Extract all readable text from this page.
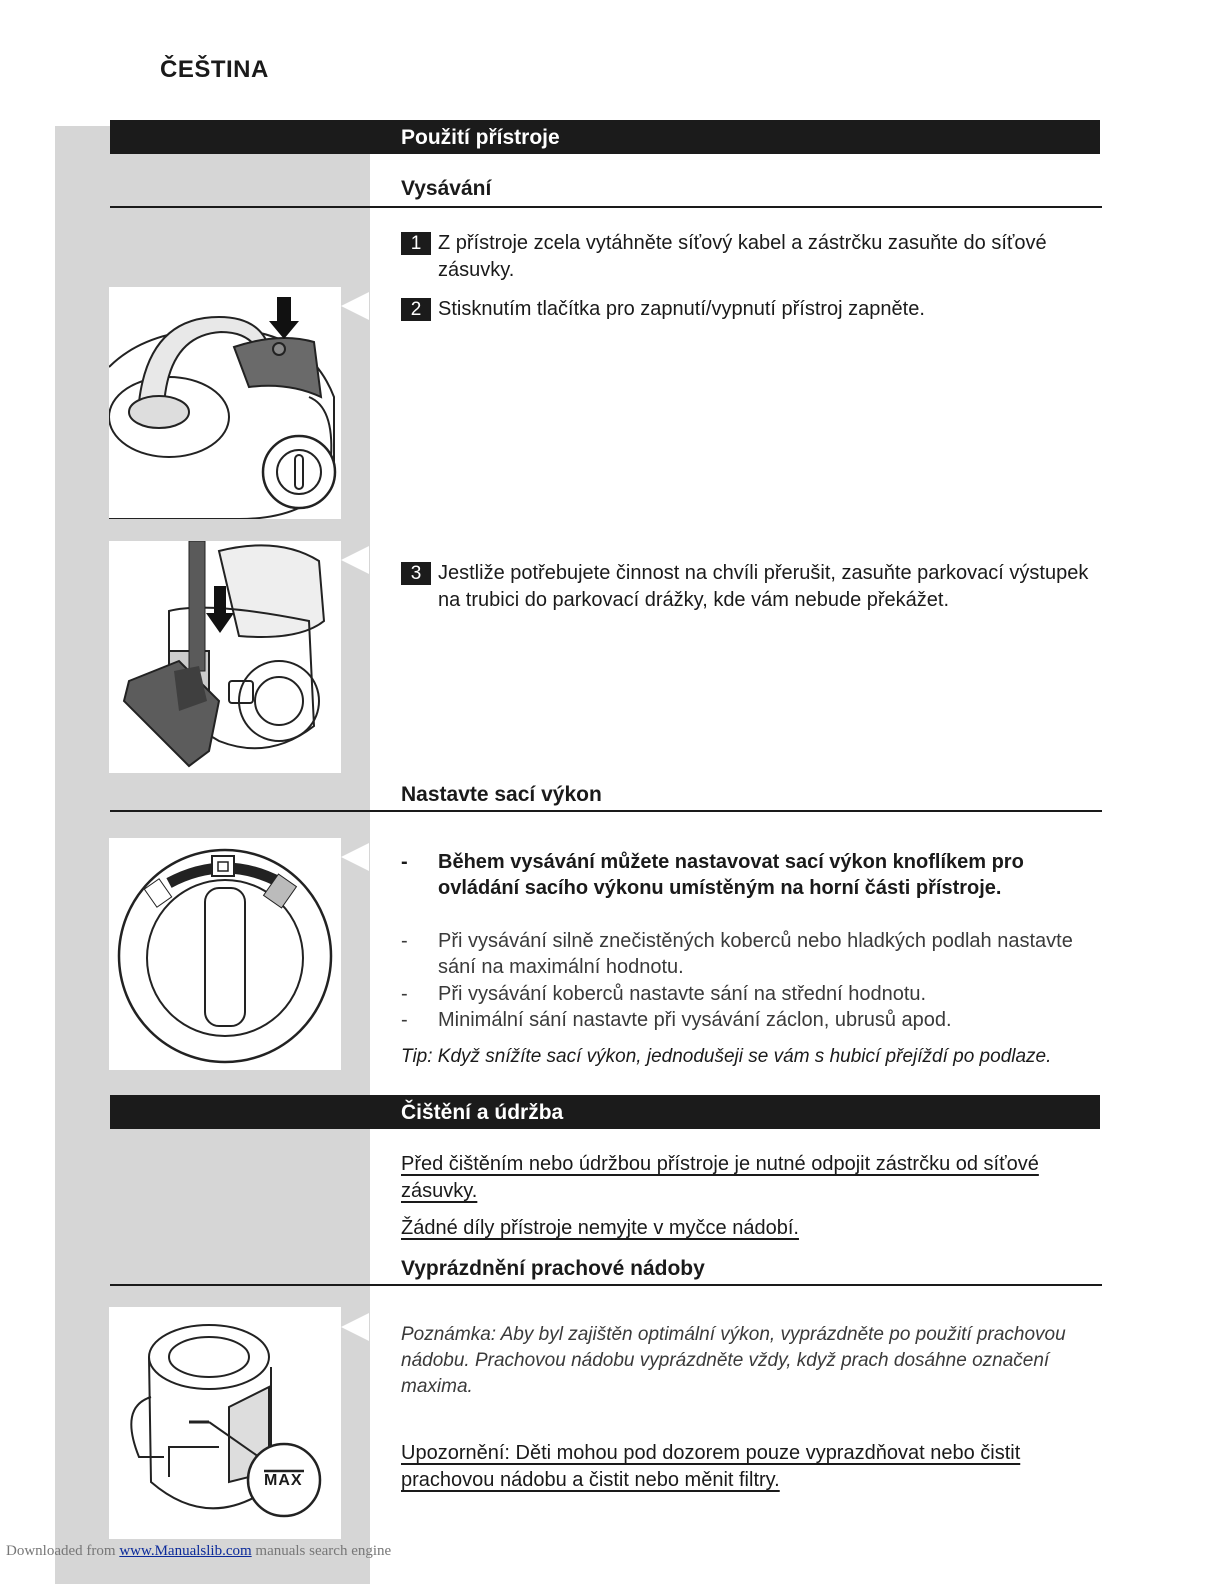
ČEŠTINA
Použití přístroje
Vysávání
1 Z přístroje zcela vytáhněte síťový kabel a zástrčku zasuňte do síťové zásuvky.
2 Stisknutím tlačítka pro zapnutí/vypnutí přístroj zapněte.
3 Jestliže potřebujete činnost na chvíli přerušit, zasuňte parkovací výstupek na trubici do parkovací drážky, kde vám nebude překážet.
Nastavte sací výkon
- Během vysávání můžete nastavovat sací výkon knoflíkem pro ovládání sacího výkonu umístěným na horní části přístroje.
- Při vysávání silně znečistěných koberců nebo hladkých podlah nastavte sání na maximální hodnotu.
- Při vysávání koberců nastavte sání na střední hodnotu.
- Minimální sání nastavte při vysávání záclon, ubrusů apod.
Tip: Když snížíte sací výkon, jednodušeji se vám s hubicí přejíždí po podlaze.
Čištění a údržba
Před čištěním nebo údržbou přístroje je nutné odpojit zástrčku od síťové zásuvky.
Žádné díly přístroje nemyjte v myčce nádobí.
Vyprázdnění prachové nádoby
MAX
Poznámka: Aby byl zajištěn optimální výkon, vyprázdněte po použití prachovou nádobu. Prachovou nádobu vyprázdněte vždy, když prach dosáhne označení maxima.
Upozornění: Děti mohou pod dozorem pouze vyprazdňovat nebo čistit prachovou nádobu a čistit nebo měnit filtry.
Downloaded from www.Manualslib.com manuals search engine
